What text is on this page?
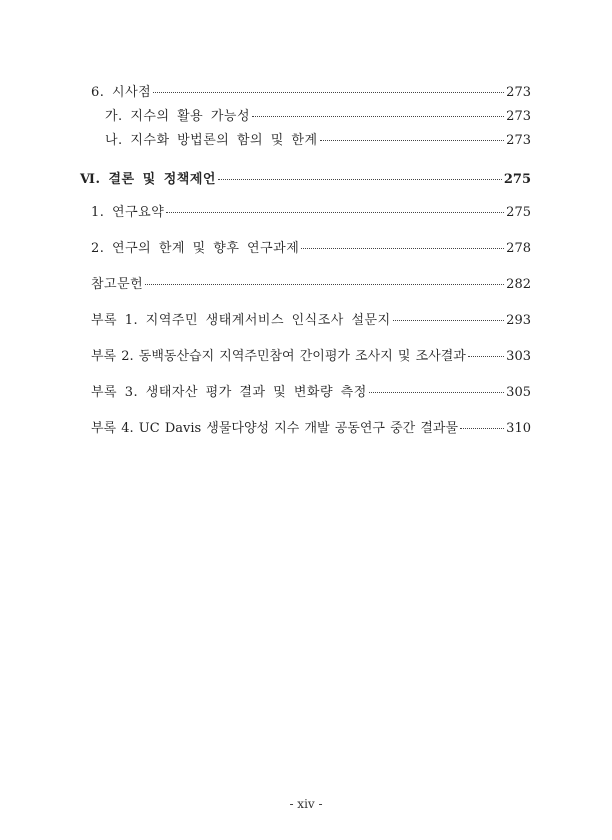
6. 시사점	273
가. 지수의 활용 가능성	273
나. 지수화 방법론의 함의 및 한계	273
Ⅵ. 결론 및 정책제언	275
1. 연구요약	275
2. 연구의 한계 및 향후 연구과제	278
참고문헌	282
부록 1. 지역주민 생태계서비스 인식조사 설문지	293
부록 2. 동백동산습지 지역주민참여 간이평가 조사지 및 조사결과	303
부록 3. 생태자산 평가 결과 및 변화량 측정	305
부록 4. UC Davis 생물다양성 지수 개발 공동연구 중간 결과물	310
- xiv -
